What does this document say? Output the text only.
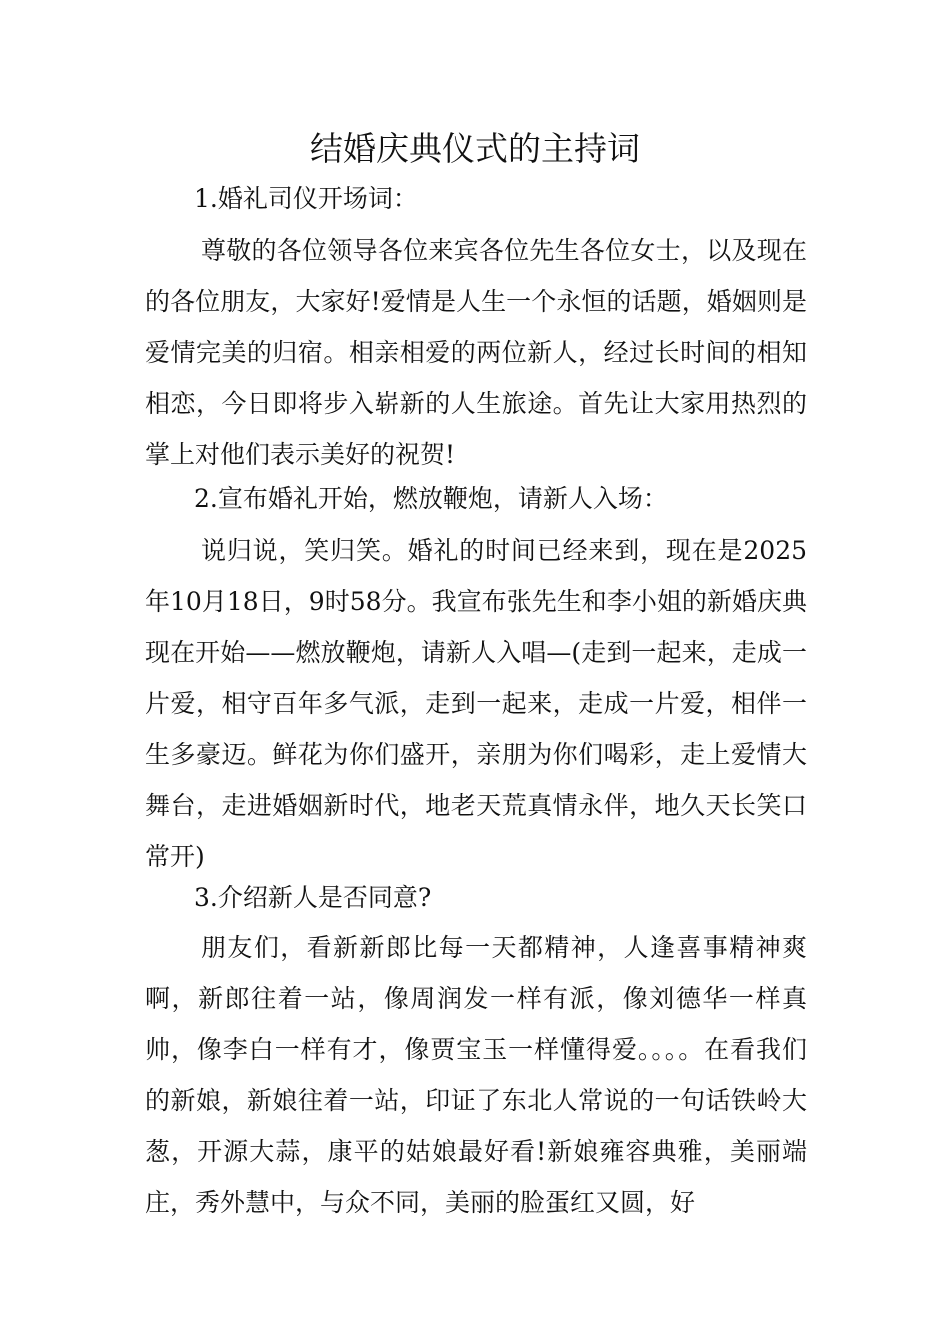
结婚庆典仪式的主持词

1.婚礼司仪开场词：

尊敬的各位领导各位来宾各位先生各位女士，以及现在的各位朋友，大家好!爱情是人生一个永恒的话题，婚姻则是爱情完美的归宿。相亲相爱的两位新人，经过长时间的相知相恋，今日即将步入崭新的人生旅途。首先让大家用热烈的掌上对他们表示美好的祝贺!

2.宣布婚礼开始，燃放鞭炮，请新人入场：

说归说，笑归笑。婚礼的时间已经来到，现在是2025年10月18日，9时58分。我宣布张先生和李小姐的新婚庆典现在开始——燃放鞭炮，请新人入唱—(走到一起来，走成一片爱，相守百年多气派，走到一起来，走成一片爱，相伴一生多豪迈。鲜花为你们盛开，亲朋为你们喝彩，走上爱情大舞台，走进婚姻新时代，地老天荒真情永伴，地久天长笑口常开)

3.介绍新人是否同意?

朋友们，看新新郎比每一天都精神，人逢喜事精神爽啊，新郎往着一站，像周润发一样有派，像刘德华一样真帅，像李白一样有才，像贾宝玉一样懂得爱。。。。在看我们的新娘，新娘往着一站，印证了东北人常说的一句话铁岭大葱，开源大蒜，康平的姑娘最好看!新娘雍容典雅，美丽端庄，秀外慧中，与众不同，美丽的脸蛋红又圆，好
